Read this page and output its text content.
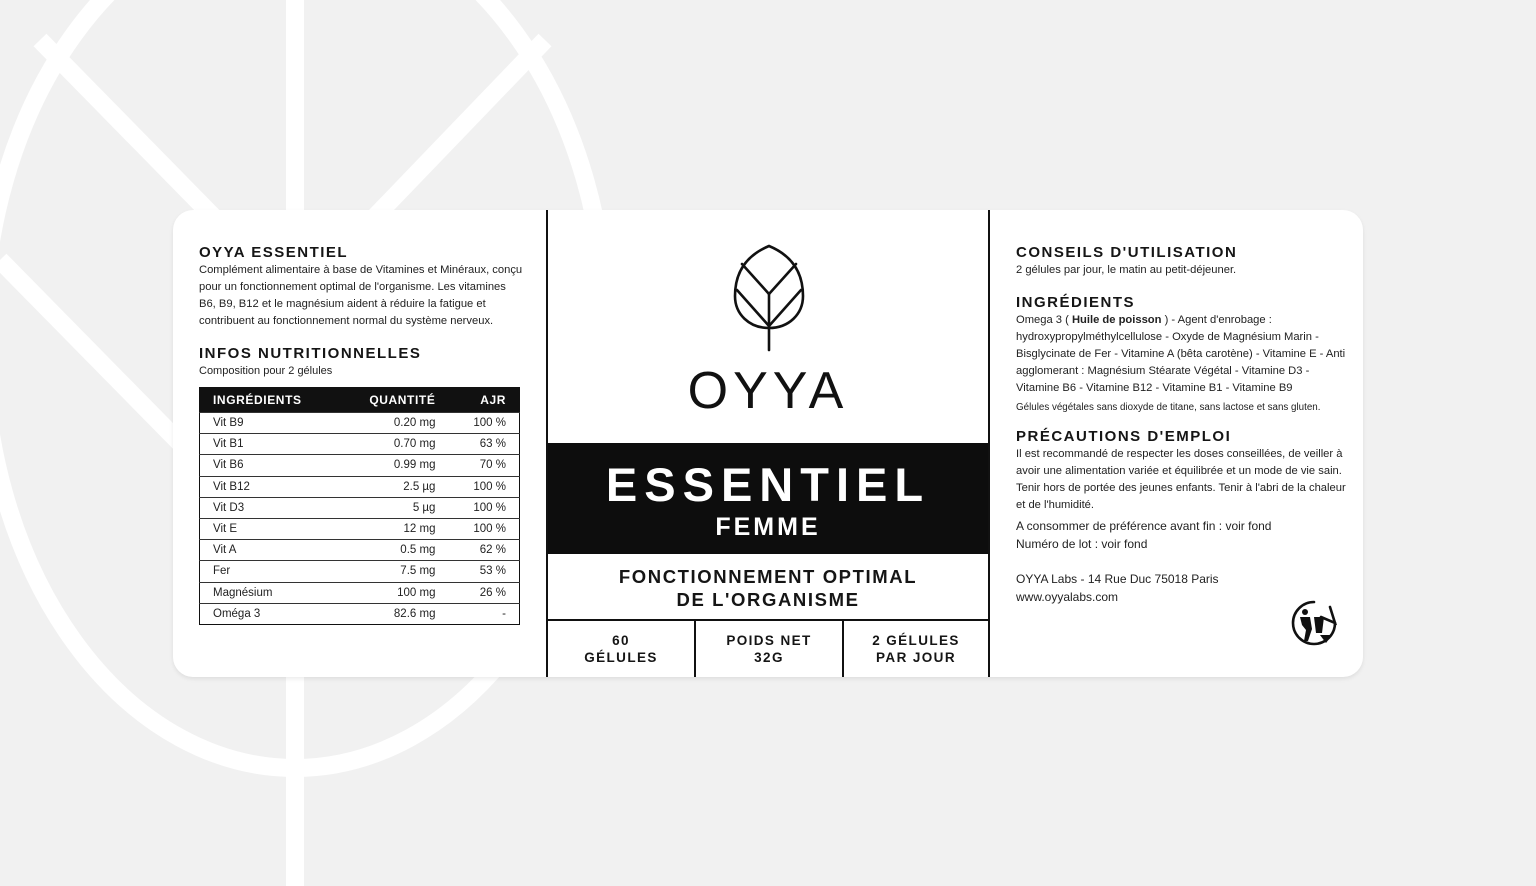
OYYA ESSENTIEL

Complément alimentaire à base de Vitamines et Minéraux, conçu pour un fonctionnement optimal de l'organisme. Les vitamines B6, B9, B12 et le magnésium aident à réduire la fatigue et contribuent au fonctionnement normal du système nerveux.

INFOS NUTRITIONNELLES

Composition pour 2 gélules

INGRÉDIENTS	QUANTITÉ	AJR
Vit B9	0.20 mg	100 %
Vit B1	0.70 mg	63 %
Vit B6	0.99 mg	70 %
Vit B12	2.5 µg	100 %
Vit D3	5 µg	100 %
Vit E	12 mg	100 %
Vit A	0.5 mg	62 %
Fer	7.5 mg	53 %
Magnésium	100 mg	26 %
Oméga 3	82.6 mg	-
OYYA
ESSENTIEL
FEMME
FONCTIONNEMENT OPTIMAL
DE L'ORGANISME
60
GÉLULES
POIDS NET
32G
2 GÉLULES
PAR JOUR
CONSEILS D'UTILISATION

2 gélules par jour, le matin au petit-déjeuner.

INGRÉDIENTS

Omega 3 ( Huile de poisson ) - Agent d'enrobage : hydroxypropylméthylcellulose - Oxyde de Magnésium Marin - Bisglycinate de Fer - Vitamine A (bêta carotène) - Vitamine E - Anti agglomerant : Magnésium Stéarate Végétal - Vitamine D3 - Vitamine B6 - Vitamine B12 - Vitamine B1 - Vitamine B9

Gélules végétales sans dioxyde de titane, sans lactose et sans gluten.

PRÉCAUTIONS D'EMPLOI

Il est recommandé de respecter les doses conseillées, de veiller à avoir une alimentation variée et équilibrée et un mode de vie sain. Tenir hors de portée des jeunes enfants. Tenir à l'abri de la chaleur et de l'humidité.

A consommer de préférence avant fin : voir fond

Numéro de lot : voir fond

OYYA Labs - 14 Rue Duc 75018 Paris

www.oyyalabs.com
